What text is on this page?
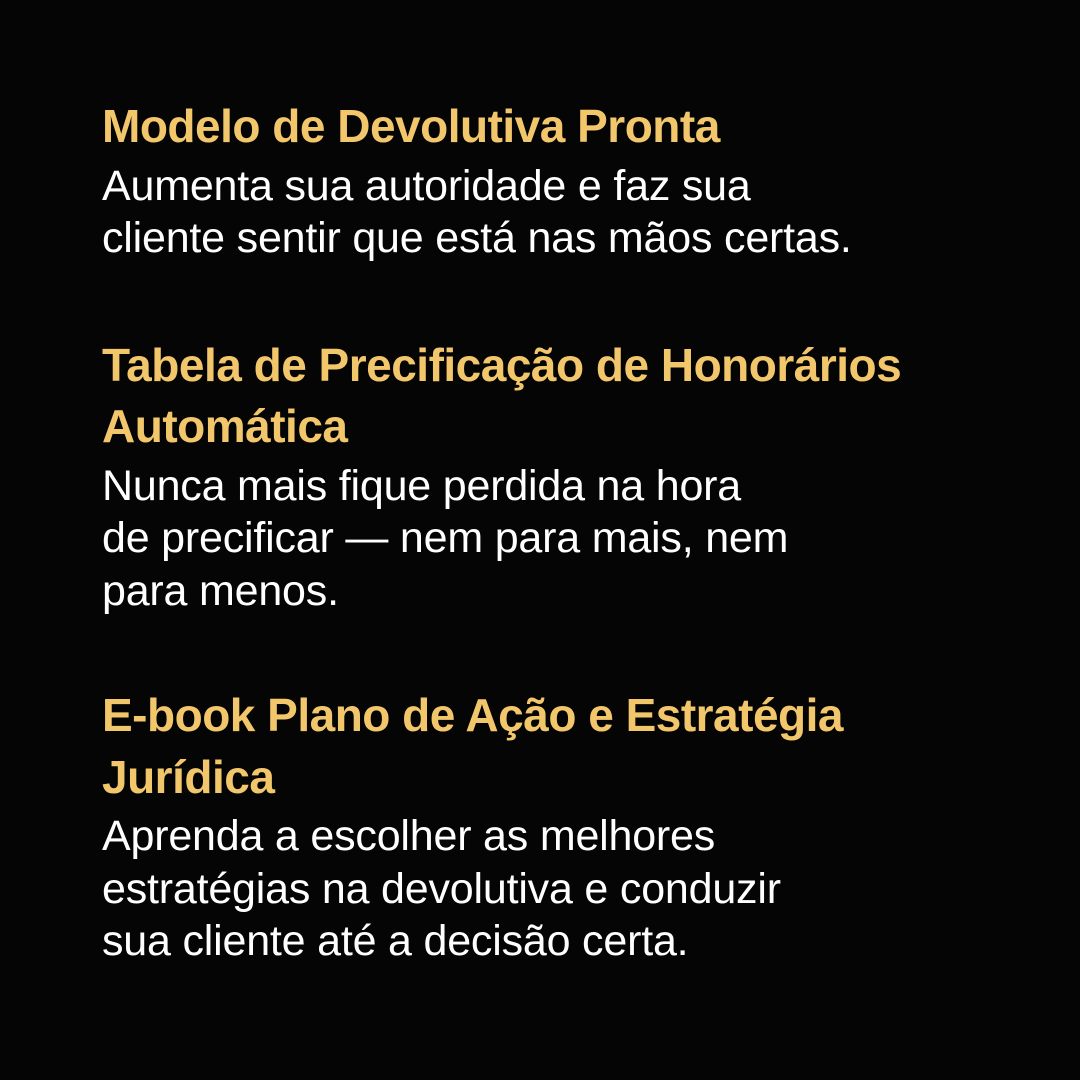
Modelo de Devolutiva Pronta

Aumenta sua autoridade e faz sua
cliente sentir que está nas mãos certas.

Tabela de Precificação de Honorários Automática

Nunca mais fique perdida na hora
de precificar — nem para mais, nem
para menos.

E-book Plano de Ação e Estratégia Jurídica

Aprenda a escolher as melhores
estratégias na devolutiva e conduzir
sua cliente até a decisão certa.
